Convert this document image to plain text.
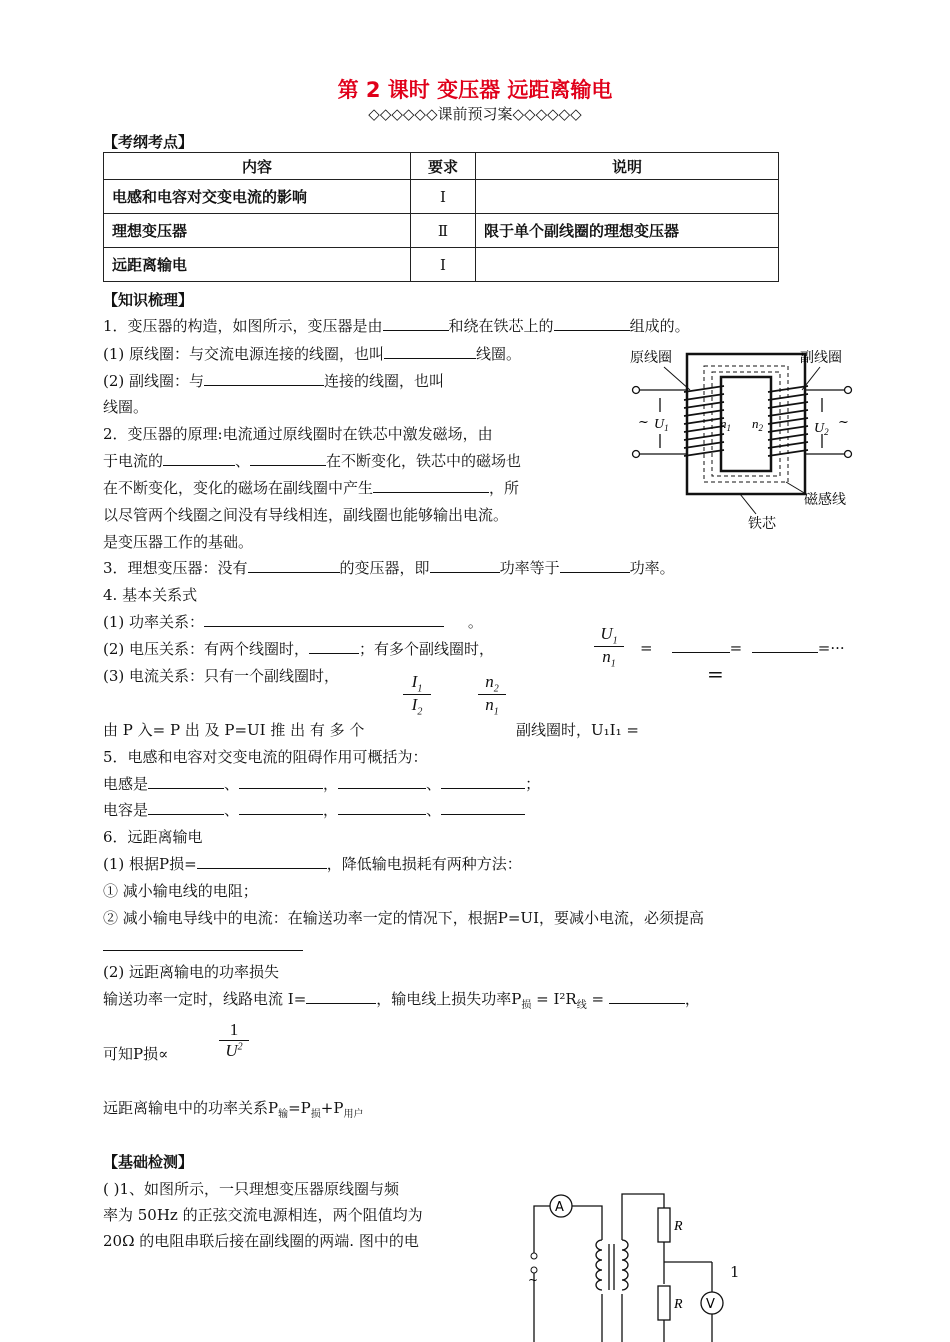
第 2 课时 变压器 远距离输电
◇◇◇◇◇◇课前预习案◇◇◇◇◇◇
【考纲考点】
内容	要求	说明
电感和电容对交变电流的影响	Ⅰ	
理想变压器	Ⅱ	限于单个副线圈的理想变压器
远距离输电	Ⅰ	
【知识梳理】
1．变压器的构造，如图所示，变压器是由	和绕在铁芯上的	组成的。
(1) 原线圈：与交流电源连接的线圈，也叫	线圈。
(2) 副线圈：与	连接的线圈，也叫
线圈。
2．变压器的原理:电流通过原线圈时在铁芯中激发磁场，由
于电流的	、	在不断变化，铁芯中的磁场也
在不断变化，变化的磁场在副线圈中产生	，所
以尽管两个线圈之间没有导线相连，副线圈也能够输出电流。
是变压器工作的基础。
3．理想变压器：没有	的变压器，即	功率等于	功率。
4. 基本关系式
(1) 功率关系：	。
(2) 电压关系：有两个线圈时，	；有多个副线圈时，	$\frac{U_1}{n_1}$ =	=	=···
=
(3) 电流关系：只有一个副线圈时，	$\frac{I_1}{I_2}$	$\frac{n_2}{n_1}$
由 P 入= P 出 及 P=UI 推 出 有 多 个	副线圈时，U₁I₁ =
5．电感和电容对交变电流的阻碍作用可概括为：
电感是	、	，	、	；
电容是	、	，	、
6．远距离输电
(1) 根据P损=	，降低输电损耗有两种方法：
① 减小输电线的电阻；
② 减小输电导线中的电流：在输送功率一定的情况下，根据P=UI，要减小电流，必须提高
(2) 远距离输电的功率损失
输送功率一定时，线路电流 I=	，输电线上损失功率$P_损 = I^2R_线$ =	，
可知P损∝	$\frac{1}{U^2}$
远距离输电中的功率关系$P_输=P_损+P_{用户}$
【基础检测】
( )1、如图所示，一只理想变压器原线圈与频
率为 50Hz 的正弦交流电源相连，两个阻值均为
20Ω 的电阻串联后接在副线圈的两端. 图中的电
1
原线圈	副线圈
磁感线
铁芯
$n_1$ $n_2$
$U_1$	$U_2$
~	~
A
~
R
R V
